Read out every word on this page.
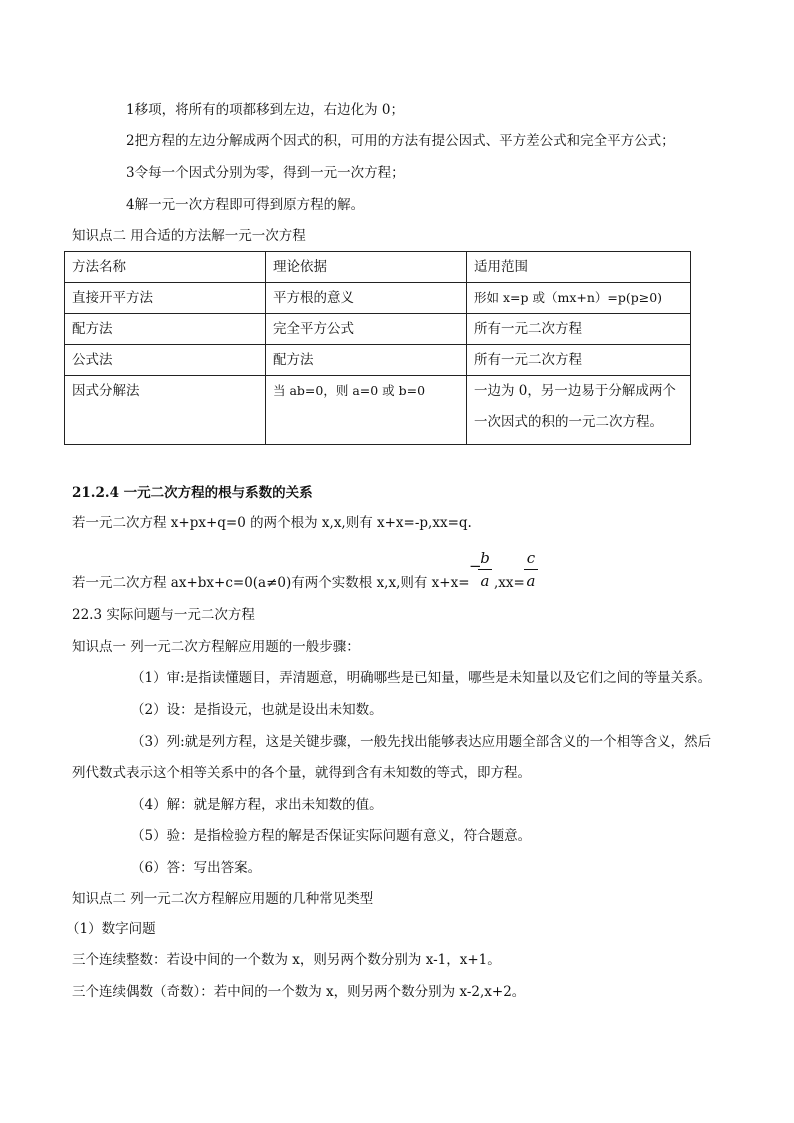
1移项，将所有的项都移到左边，右边化为 0；
2把方程的左边分解成两个因式的积，可用的方法有提公因式、平方差公式和完全平方公式；
3令每一个因式分别为零，得到一元一次方程；
4解一元一次方程即可得到原方程的解。
知识点二 用合适的方法解一元一次方程
方法名称	理论依据	适用范围
直接开平方法	平方根的意义	形如 x=p 或（mx+n）=p(p≥0)
配方法	完全平方公式	所有一元二次方程
公式法	配方法	所有一元二次方程
因式分解法	当 ab=0，则 a=0 或 b=0	一边为 0，另一边易于分解成两个一次因式的积的一元二次方程。
21.2.4 一元二次方程的根与系数的关系
若一元二次方程 x+px+q=0 的两个根为 x,x,则有 x+x=-p,xx=q.
若一元二次方程 ax+bx+c=0(a≠0)有两个实数根 x,x,则有 x+x=
−
b
a ,xx=
c
a
22.3 实际问题与一元二次方程
知识点一 列一元二次方程解应用题的一般步骤：
（1）审:是指读懂题目，弄清题意，明确哪些是已知量，哪些是未知量以及它们之间的等量关系。
（2）设：是指设元，也就是设出未知数。
（3）列:就是列方程，这是关键步骤，一般先找出能够表达应用题全部含义的一个相等含义，然后
列代数式表示这个相等关系中的各个量，就得到含有未知数的等式，即方程。
（4）解：就是解方程，求出未知数的值。
（5）验：是指检验方程的解是否保证实际问题有意义，符合题意。
（6）答：写出答案。
知识点二 列一元二次方程解应用题的几种常见类型
（1）数字问题
三个连续整数：若设中间的一个数为 x，则另两个数分别为 x-1，x+1。
三个连续偶数（奇数）：若中间的一个数为 x，则另两个数分别为 x-2,x+2。
